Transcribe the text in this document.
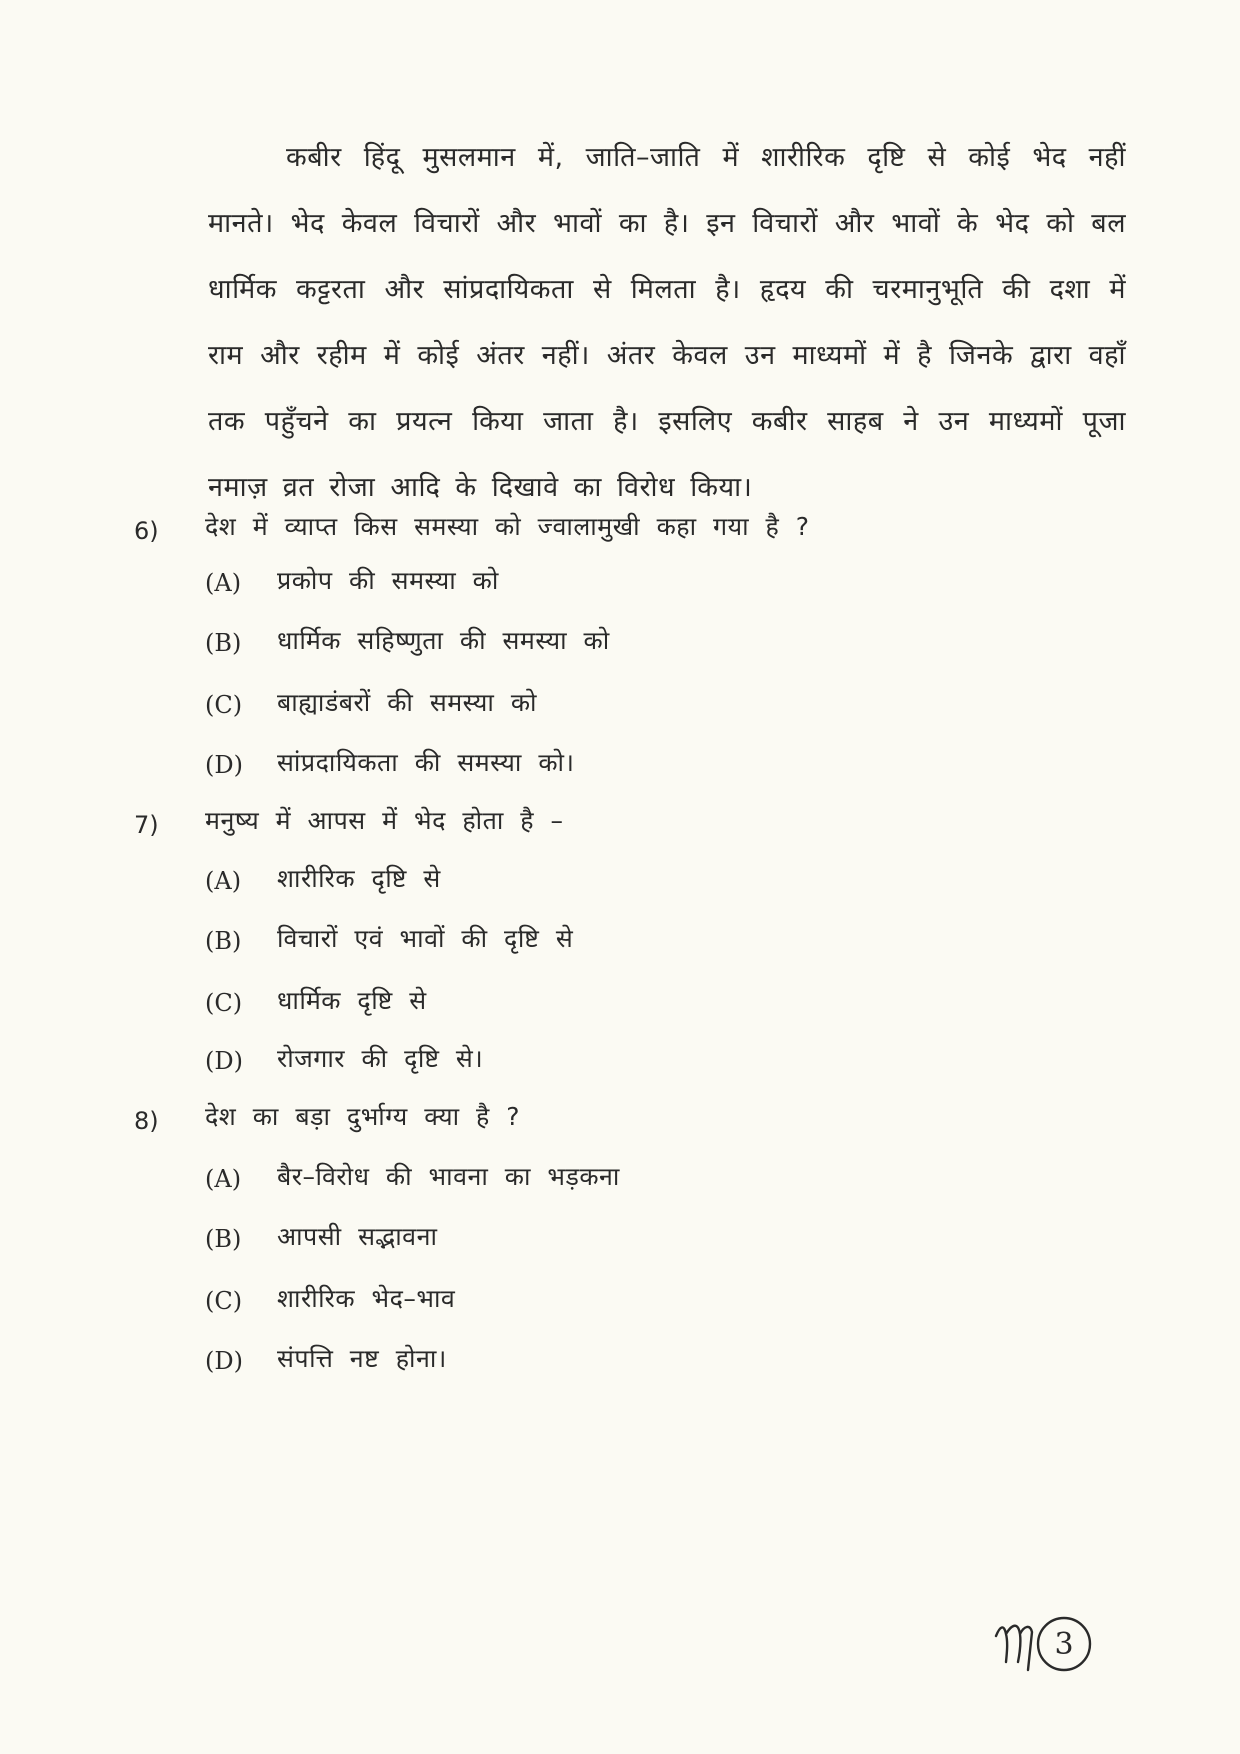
कबीर हिंदू मुसलमान में, जाति–जाति में शारीरिक दृष्टि से कोई भेद नहीं मानते। भेद केवल विचारों और भावों का है। इन विचारों और भावों के भेद को बल धार्मिक कट्टरता और सांप्रदायिकता से मिलता है। हृदय की चरमानुभूति की दशा में राम और रहीम में कोई अंतर नहीं। अंतर केवल उन माध्यमों में है जिनके द्वारा वहाँ तक पहुँचने का प्रयत्न किया जाता है। इसलिए कबीर साहब ने उन माध्यमों पूजा नमाज़ व्रत रोजा आदि के दिखावे का विरोध किया।

6) देश में व्याप्त किस समस्या को ज्वालामुखी कहा गया है ?
(A) प्रकोप की समस्या को
(B) धार्मिक सहिष्णुता की समस्या को
(C) बाह्याडंबरों की समस्या को
(D) सांप्रदायिकता की समस्या को।
7) मनुष्य में आपस में भेद होता है –
(A) शारीरिक दृष्टि से
(B) विचारों एवं भावों की दृष्टि से
(C) धार्मिक दृष्टि से
(D) रोजगार की दृष्टि से।
8) देश का बड़ा दुर्भाग्य क्या है ?
(A) बैर–विरोध की भावना का भड़कना
(B) आपसी सद्भावना
(C) शारीरिक भेद–भाव
(D) संपत्ति नष्ट होना।
3
